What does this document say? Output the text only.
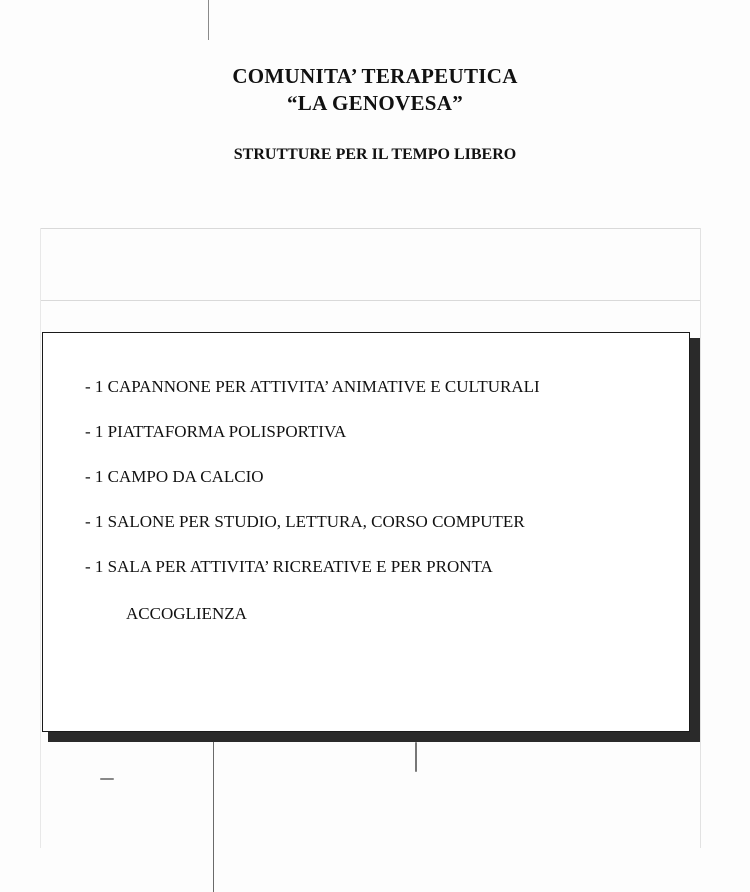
COMUNITA’ TERAPEUTICA
“LA GENOVESA”
STRUTTURE PER IL TEMPO LIBERO
- 1 CAPANNONE PER ATTIVITA’ ANIMATIVE E CULTURALI
- 1 PIATTAFORMA POLISPORTIVA
- 1 CAMPO DA CALCIO
- 1 SALONE PER STUDIO, LETTURA, CORSO COMPUTER
- 1 SALA PER ATTIVITA’ RICREATIVE E PER PRONTA
ACCOGLIENZA
